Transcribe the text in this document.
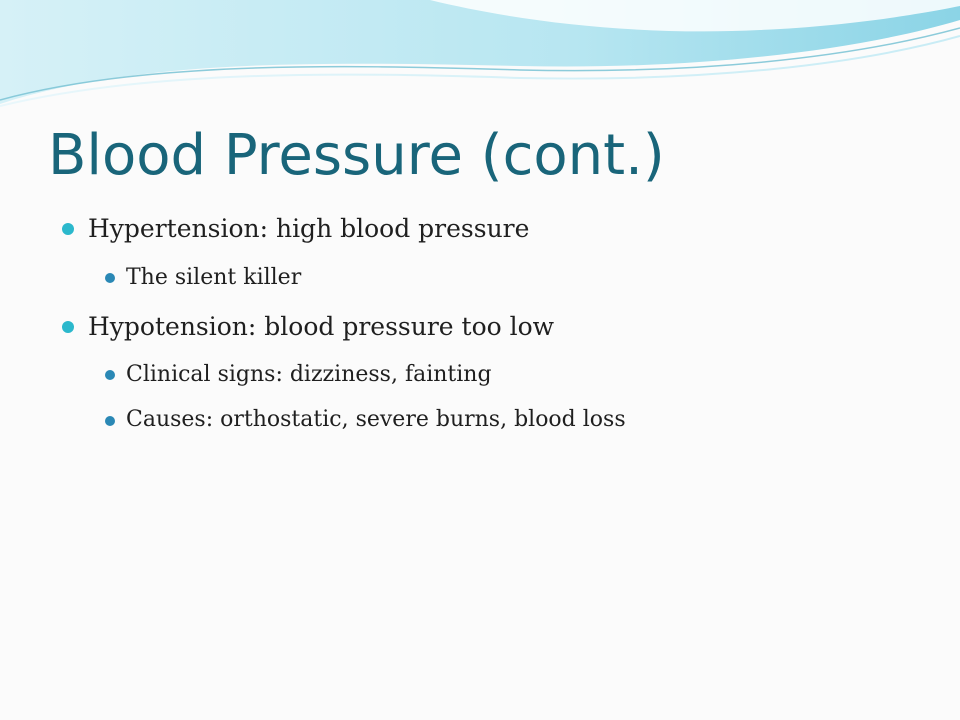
Blood Pressure (cont.)
Hypertension: high blood pressure
The silent killer
Hypotension: blood pressure too low
Clinical signs: dizziness, fainting
Causes: orthostatic, severe burns, blood loss
